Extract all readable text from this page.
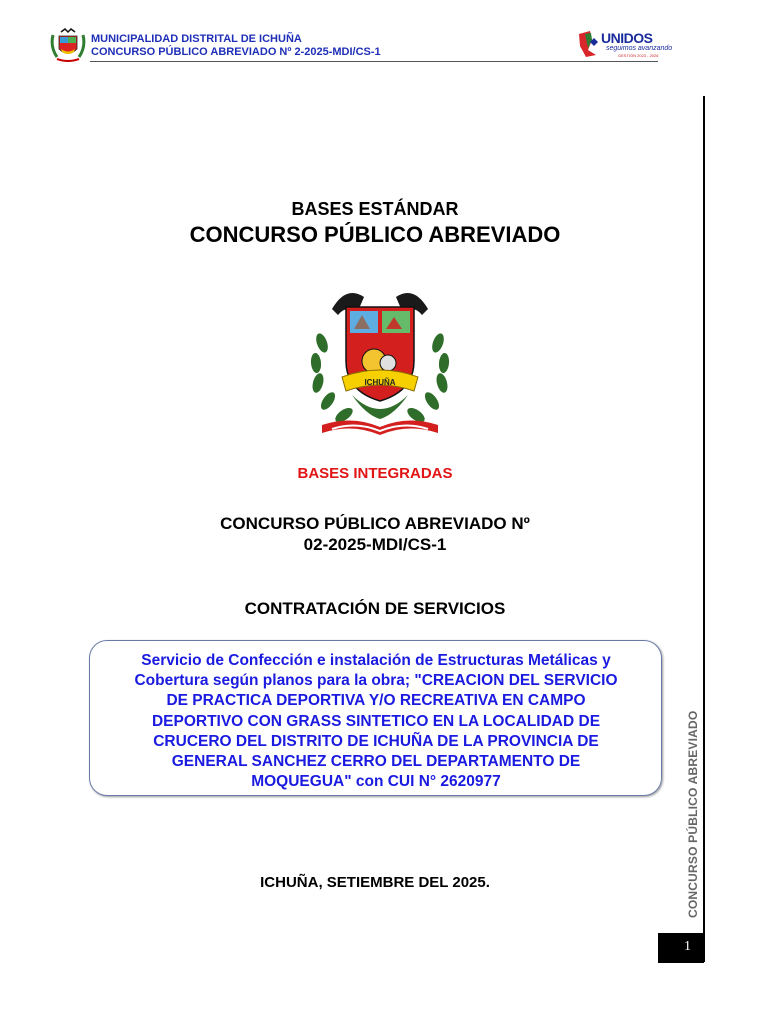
MUNICIPALIDAD DISTRITAL DE ICHUÑA
CONCURSO PÚBLICO ABREVIADO Nº 2-2025-MDI/CS-1
UNIDOS
seguimos avanzando
GESTIÓN 2023 - 2026
BASES ESTÁNDAR
CONCURSO PÚBLICO ABREVIADO
ICHUÑA
BASES INTEGRADAS
CONCURSO PÚBLICO ABREVIADO Nº
02-2025-MDI/CS-1
CONTRATACIÓN DE SERVICIOS
Servicio de Confección e instalación de Estructuras Metálicas y
Cobertura según planos para la obra; "CREACION DEL SERVICIO
DE PRACTICA DEPORTIVA Y/O RECREATIVA EN CAMPO
DEPORTIVO CON GRASS SINTETICO EN LA LOCALIDAD DE
CRUCERO DEL DISTRITO DE ICHUÑA DE LA PROVINCIA DE
GENERAL SANCHEZ CERRO DEL DEPARTAMENTO DE
MOQUEGUA" con CUI N° 2620977
ICHUÑA, SETIEMBRE DEL 2025.	CONCURSO PÚBLICO ABREVIADO
1
